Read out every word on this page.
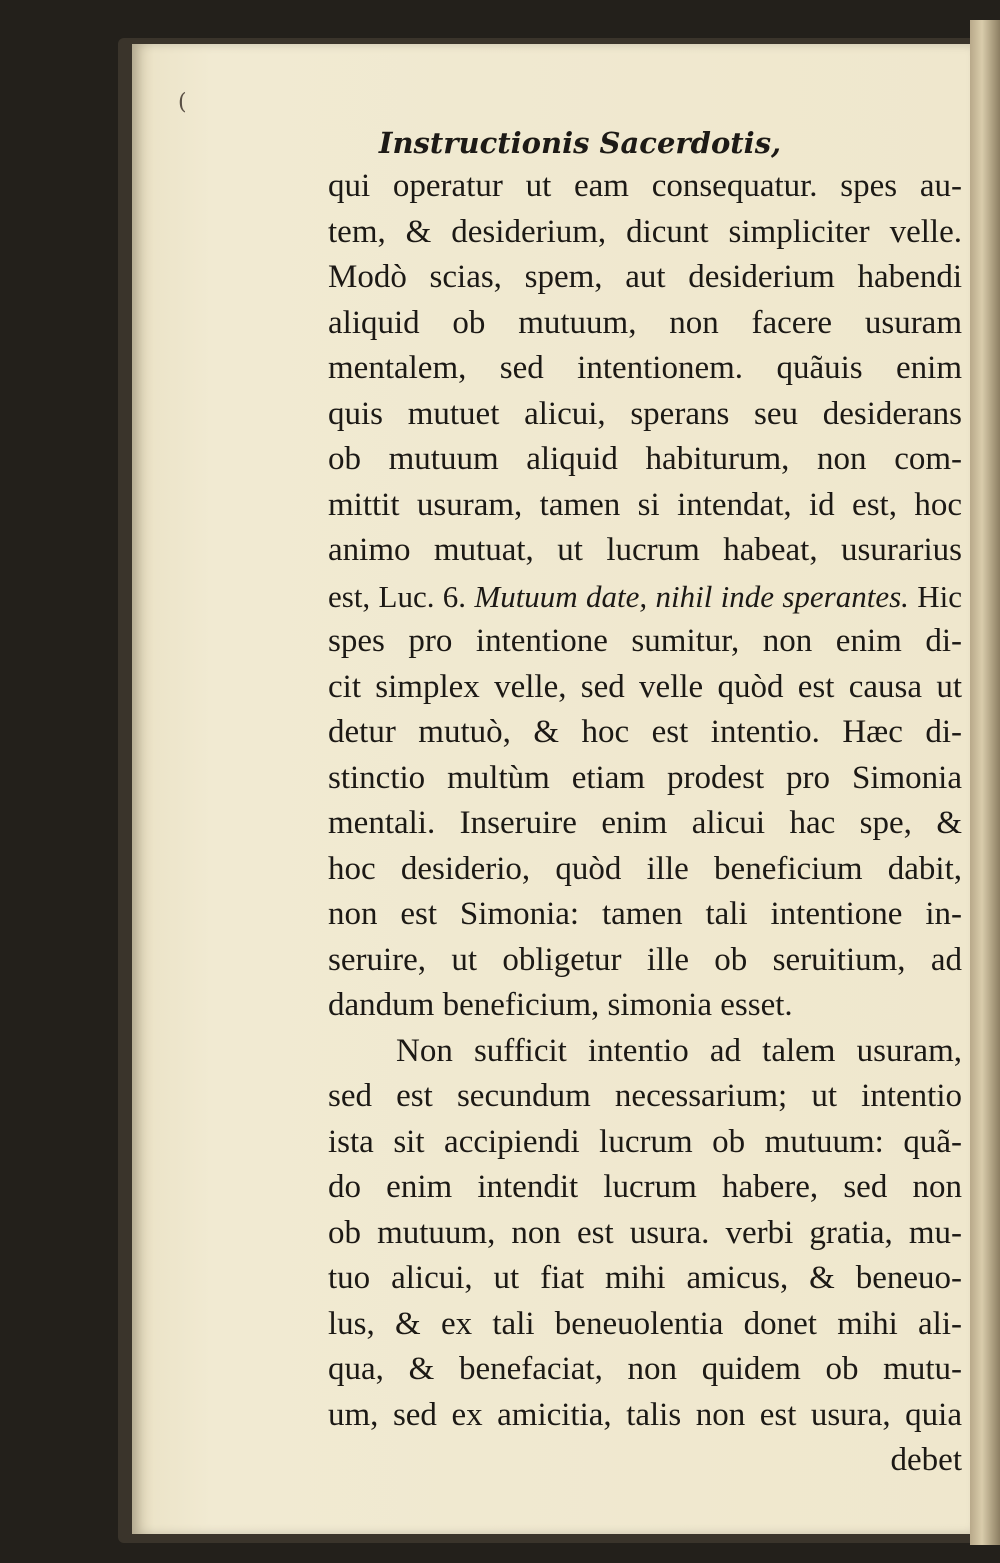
(
Instructionis Sacerdotis,
qui operatur ut eam consequatur. spes au-
tem, & desiderium, dicunt simpliciter velle.
Modò scias, spem, aut desiderium habendi
aliquid ob mutuum, non facere usuram
mentalem, sed intentionem. quãuis enim
quis mutuet alicui, sperans seu desiderans
ob mutuum aliquid habiturum, non com-
mittit usuram, tamen si intendat, id est, hoc
animo mutuat, ut lucrum habeat, usurarius
est, Luc. 6. Mutuum date, nihil inde sperantes. Hic
spes pro intentione sumitur, non enim di-
cit simplex velle, sed velle quòd est causa ut
detur mutuò, & hoc est intentio. Hæc di-
stinctio multùm etiam prodest pro Simonia
mentali. Inseruire enim alicui hac spe, &
hoc desiderio, quòd ille beneficium dabit,
non est Simonia: tamen tali intentione in-
seruire, ut obligetur ille ob seruitium, ad
dandum beneficium, simonia esset.
Non sufficit intentio ad talem usuram,
sed est secundum necessarium; ut intentio
ista sit accipiendi lucrum ob mutuum: quã-
do enim intendit lucrum habere, sed non
ob mutuum, non est usura. verbi gratia, mu-
tuo alicui, ut fiat mihi amicus, & beneuo-
lus, & ex tali beneuolentia donet mihi ali-
qua, & benefaciat, non quidem ob mutu-
um, sed ex amicitia, talis non est usura, quia
debet
